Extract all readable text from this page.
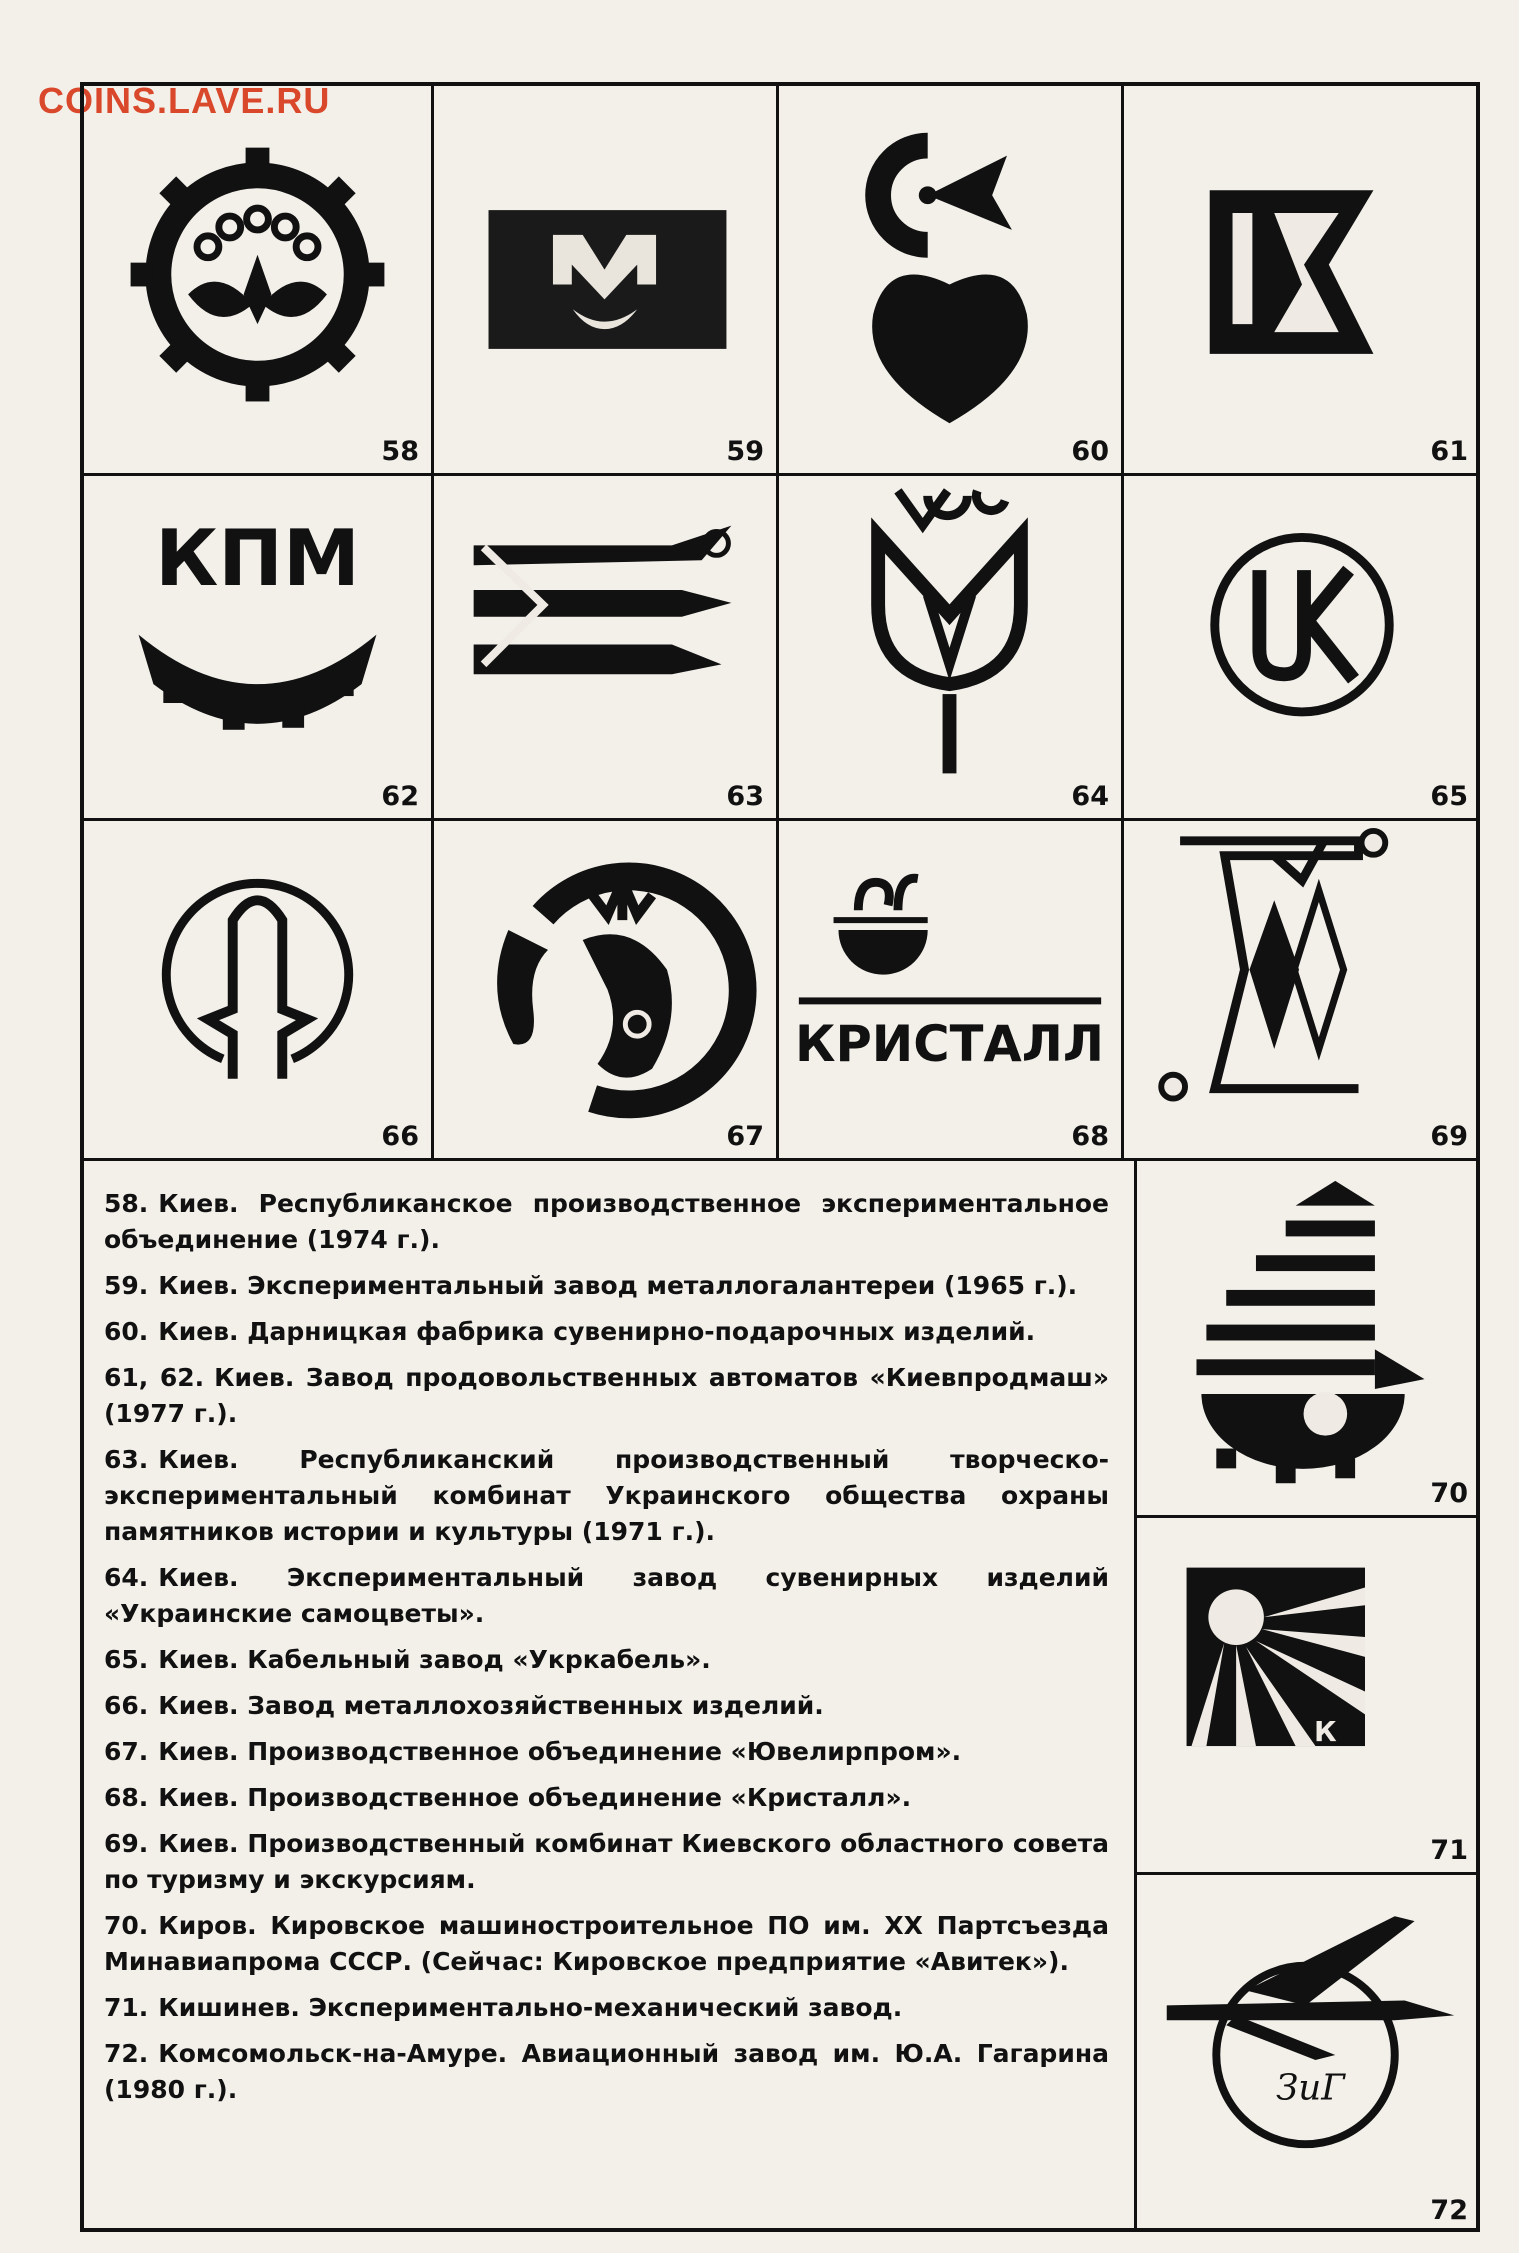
COINS.LAVE.RU
58	59	60	61
КПМ
62	63	64	65
66	67
КРИСТАЛЛ
68	69
70
К
71
ЗиГ
72

58. Киев. Республиканское производственное экспериментальное объединение (1974 г.).

59. Киев. Экспериментальный завод металлогалантереи (1965 г.).

60. Киев. Дарницкая фабрика сувенирно-подарочных изделий.

61, 62. Киев. Завод продовольственных автоматов «Киевпродмаш» (1977 г.).

63. Киев. Республиканский производственный творческо-экспериментальный комбинат Украинского общества охраны памятников истории и культуры (1971 г.).

64. Киев. Экспериментальный завод сувенирных изделий «Украинские самоцветы».

65. Киев. Кабельный завод «Укркабель».

66. Киев. Завод металлохозяйственных изделий.

67. Киев. Производственное объединение «Ювелирпром».

68. Киев. Производственное объединение «Кристалл».

69. Киев. Производственный комбинат Киевского областного совета по туризму и экскурсиям.

70. Киров. Кировское машиностроительное ПО им. XX Партсъезда Минавиапрома СССР. (Сейчас: Кировское предприятие «Авитек»).

71. Кишинев. Экспериментально-механический завод.

72. Комсомольск-на-Амуре. Авиационный завод им. Ю.А. Гагарина (1980 г.).
